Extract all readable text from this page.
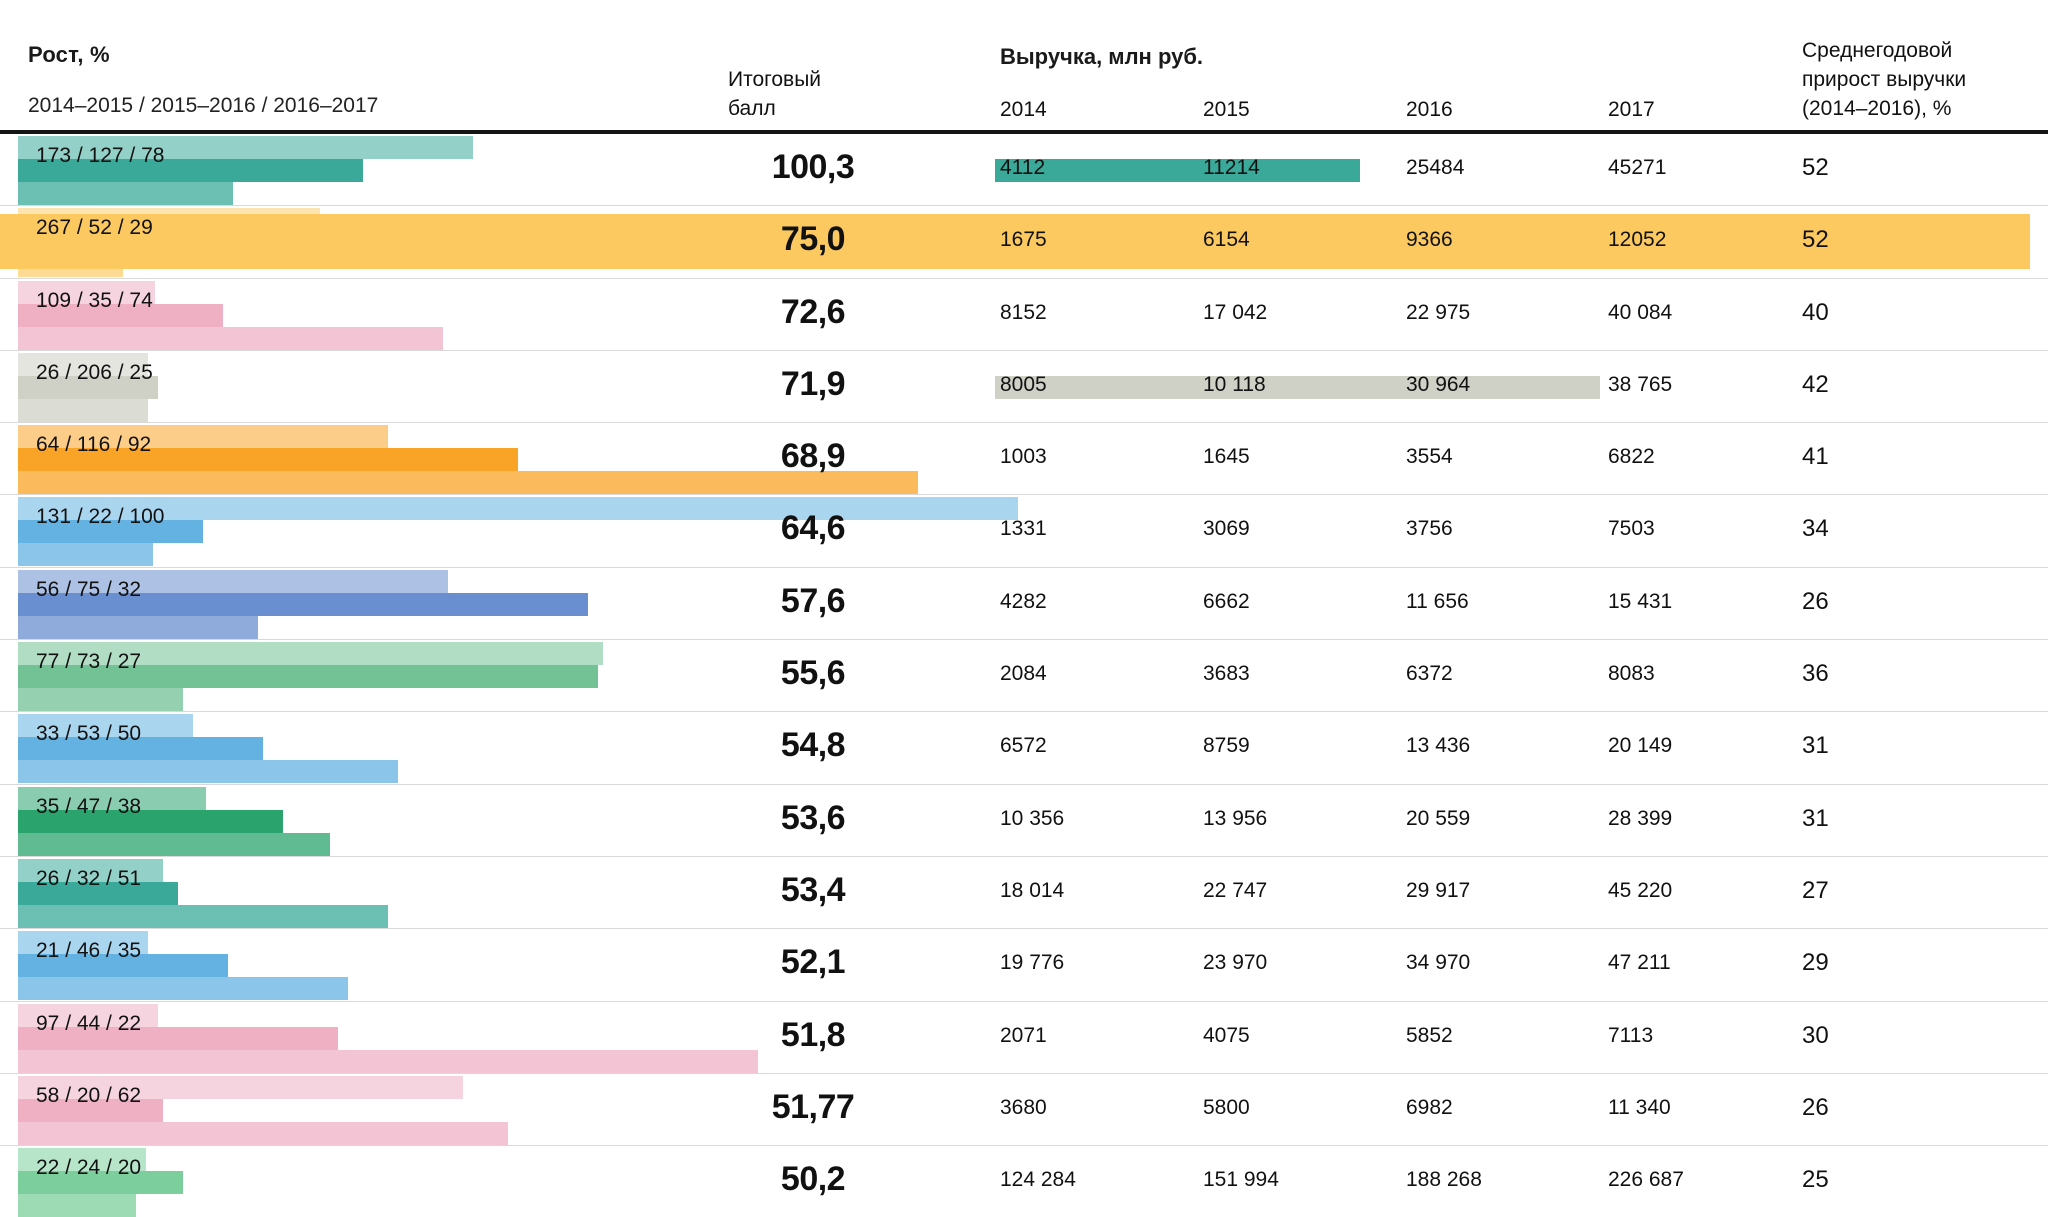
Рост, %
2014–2015 / 2015–2016 / 2016–2017
Итоговый
балл
Выручка, млн руб.
2014	2015	2016	2017
Среднегодовой
прирост выручки
(2014–2016), %
173 / 127 / 78	100,3	4112	11214	25484	45271	52
267 / 52 / 29	75,0	1675	6154	9366	12052	52
109 / 35 / 74	72,6	8152	17 042	22 975	40 084	40
26 / 206 / 25	71,9	8005	10 118	30 964	38 765	42
64 / 116 / 92	68,9	1003	1645	3554	6822	41
131 / 22 / 100	64,6	1331	3069	3756	7503	34
56 / 75 / 32	57,6	4282	6662	11 656	15 431	26
77 / 73 / 27	55,6	2084	3683	6372	8083	36
33 / 53 / 50	54,8	6572	8759	13 436	20 149	31
35 / 47 / 38	53,6	10 356	13 956	20 559	28 399	31
26 / 32 / 51	53,4	18 014	22 747	29 917	45 220	27
21 / 46 / 35	52,1	19 776	23 970	34 970	47 211	29
97 / 44 / 22	51,8	2071	4075	5852	7113	30
58 / 20 / 62	51,77	3680	5800	6982	11 340	26
22 / 24 / 20	50,2	124 284	151 994	188 268	226 687	25
